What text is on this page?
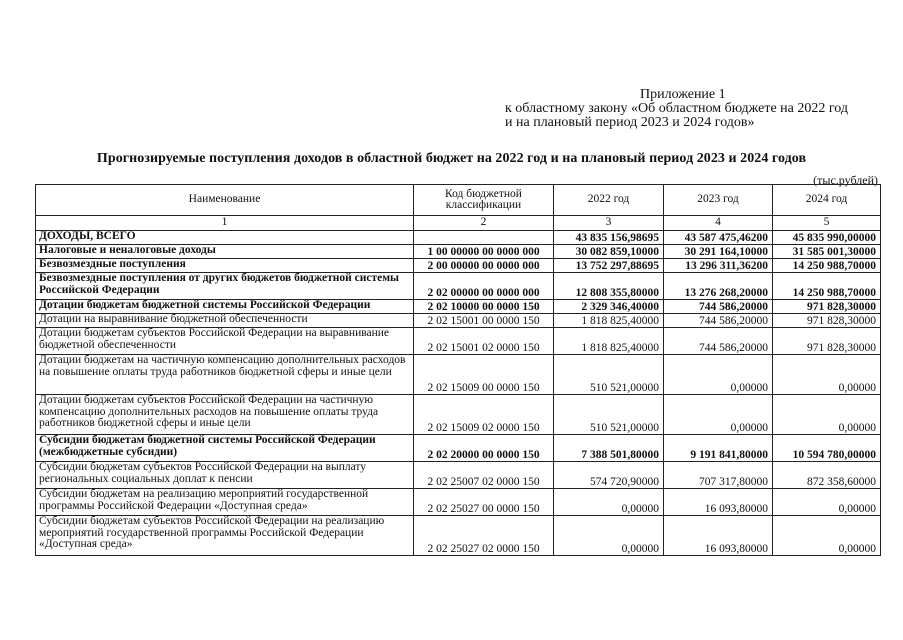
Приложение 1
к областному закону «Об областном бюджете на 2022 год
и на плановый период 2023 и 2024 годов»
Прогнозируемые поступления доходов в областной бюджет на 2022 год и на плановый период 2023 и 2024 годов
(тыс.рублей)
Наименование	Код бюджетной классификации	2022 год	2023 год	2024 год
1	2	3	4	5
ДОХОДЫ, ВСЕГО		43 835 156,98695	43 587 475,46200	45 835 990,00000
Налоговые и неналоговые доходы	1 00 00000 00 0000 000	30 082 859,10000	30 291 164,10000	31 585 001,30000
Безвозмездные поступления	2 00 00000 00 0000 000	13 752 297,88695	13 296 311,36200	14 250 988,70000
Безвозмездные поступления от других бюджетов бюджетной системы Российской Федерации	2 02 00000 00 0000 000	12 808 355,80000	13 276 268,20000	14 250 988,70000
Дотации бюджетам бюджетной системы Российской Федерации	2 02 10000 00 0000 150	2 329 346,40000	744 586,20000	971 828,30000
Дотации на выравнивание бюджетной обеспеченности	2 02 15001 00 0000 150	1 818 825,40000	744 586,20000	971 828,30000
Дотации бюджетам субъектов Российской Федерации на выравнивание бюджетной обеспеченности	2 02 15001 02 0000 150	1 818 825,40000	744 586,20000	971 828,30000
Дотации бюджетам на частичную компенсацию дополнительных расходов на повышение оплаты труда работников бюджетной сферы и иные цели	2 02 15009 00 0000 150	510 521,00000	0,00000	0,00000
Дотации бюджетам субъектов Российской Федерации на частичную компенсацию дополнительных расходов на повышение оплаты труда работников бюджетной сферы и иные цели	2 02 15009 02 0000 150	510 521,00000	0,00000	0,00000
Субсидии бюджетам бюджетной системы Российской Федерации (межбюджетные субсидии)	2 02 20000 00 0000 150	7 388 501,80000	9 191 841,80000	10 594 780,00000
Субсидии бюджетам субъектов Российской Федерации на выплату региональных социальных доплат к пенсии	2 02 25007 02 0000 150	574 720,90000	707 317,80000	872 358,60000
Субсидии бюджетам на реализацию мероприятий государственной программы Российской Федерации «Доступная среда»	2 02 25027 00 0000 150	0,00000	16 093,80000	0,00000
Субсидии бюджетам субъектов Российской Федерации на реализацию мероприятий государственной программы Российской Федерации «Доступная среда»	2 02 25027 02 0000 150	0,00000	16 093,80000	0,00000
